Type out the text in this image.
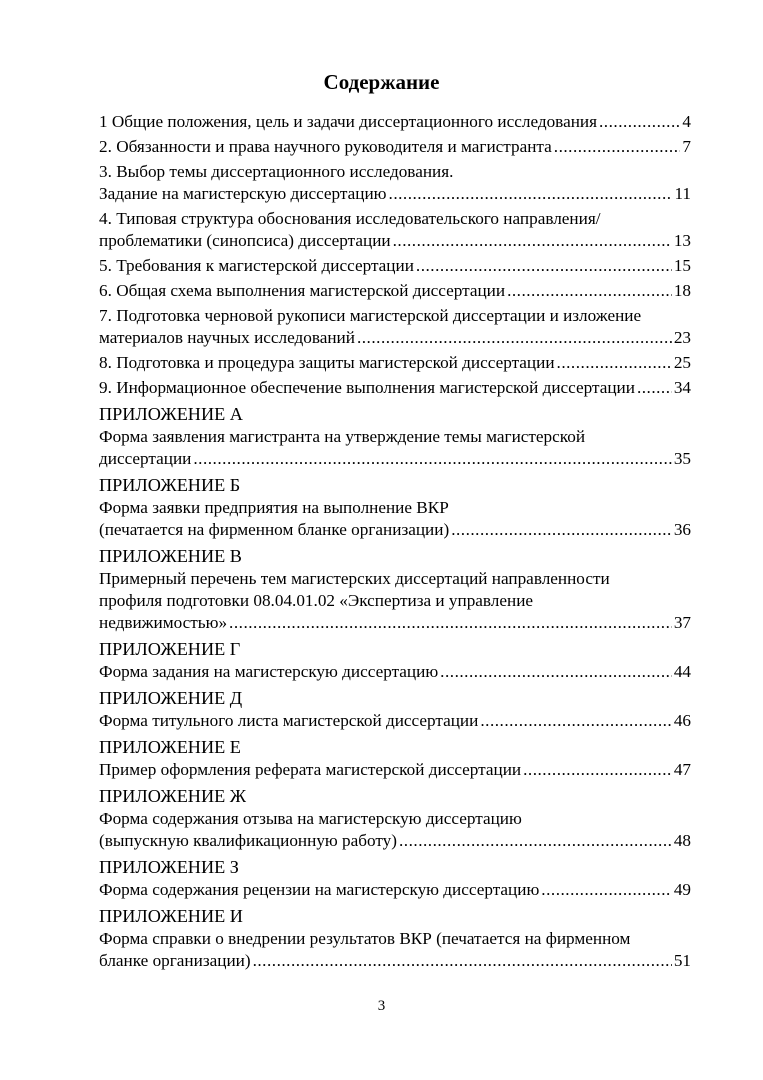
Содержание
1 Общие положения, цель и задачи диссертационного исследования .....	4
2. Обязанности и права научного руководителя и магистранта .....	7
3. Выбор темы диссертационного исследования.
Задание на магистерскую диссертацию .....	11
4. Типовая структура обоснования исследовательского направления/
проблематики (синопсиса) диссертации .....	13
5. Требования к магистерской диссертации .....	15
6. Общая схема выполнения магистерской диссертации .....	18
7. Подготовка черновой рукописи магистерской диссертации и изложение
материалов научных исследований .....	23
8. Подготовка и процедура защиты магистерской диссертации .....	25
9. Информационное обеспечение выполнения магистерской диссертации ..... 34
ПРИЛОЖЕНИЕ А
Форма заявления магистранта на утверждение темы магистерской
диссертации .....	35
ПРИЛОЖЕНИЕ Б
Форма заявки предприятия на выполнение ВКР
(печатается на фирменном бланке организации) .....	36
ПРИЛОЖЕНИЕ В
Примерный перечень тем магистерских диссертаций направленности
профиля подготовки 08.04.01.02 «Экспертиза и управление
недвижимостью» .....	37
ПРИЛОЖЕНИЕ Г
Форма задания на магистерскую диссертацию .....	44
ПРИЛОЖЕНИЕ Д
Форма титульного листа магистерской диссертации .....	46
ПРИЛОЖЕНИЕ Е
Пример оформления реферата магистерской диссертации .....	47
ПРИЛОЖЕНИЕ Ж
Форма содержания отзыва на магистерскую диссертацию
(выпускную квалификационную работу) .....	48
ПРИЛОЖЕНИЕ З
Форма содержания рецензии на магистерскую диссертацию .....	49
ПРИЛОЖЕНИЕ И
Форма справки о внедрении результатов ВКР (печатается на фирменном
бланке организации) .....	51
3
